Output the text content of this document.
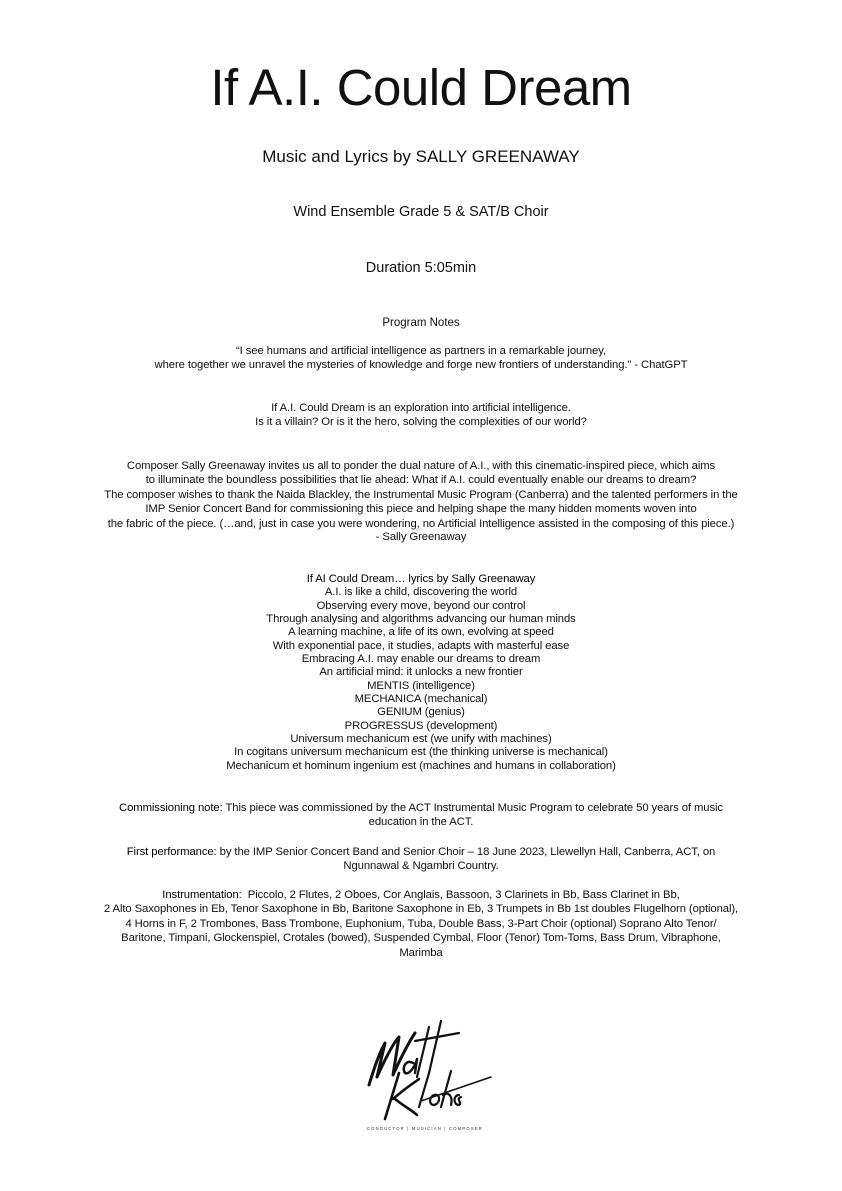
If A.I. Could Dream
Music and Lyrics by SALLY GREENAWAY
Wind Ensemble Grade 5 & SAT/B Choir
Duration 5:05min
Program Notes
“I see humans and artificial intelligence as partners in a remarkable journey,
where together we unravel the mysteries of knowledge and forge new frontiers of understanding." - ChatGPT
If A.I. Could Dream is an exploration into artificial intelligence.
Is it a villain? Or is it the hero, solving the complexities of our world?
Composer Sally Greenaway invites us all to ponder the dual nature of A.I., with this cinematic-inspired piece, which aims
to illuminate the boundless possibilities that lie ahead: What if A.I. could eventually enable our dreams to dream?
The composer wishes to thank the Naida Blackley, the Instrumental Music Program (Canberra) and the talented performers in the
IMP Senior Concert Band for commissioning this piece and helping shape the many hidden moments woven into
the fabric of the piece. (…and, just in case you were wondering, no Artificial Intelligence assisted in the composing of this piece.)
- Sally Greenaway
If AI Could Dream… lyrics by Sally Greenaway
A.I. is like a child, discovering the world
Observing every move, beyond our control
Through analysing and algorithms advancing our human minds
A learning machine, a life of its own, evolving at speed
With exponential pace, it studies, adapts with masterful ease
Embracing A.I. may enable our dreams to dream
An artificial mind: it unlocks a new frontier
MENTIS (intelligence)
MECHANICA (mechanical)
GENIUM (genius)
PROGRESSUS (development)
Universum mechanicum est (we unify with machines)
In cogitans universum mechanicum est (the thinking universe is mechanical)
Mechanicum et hominum ingenium est (machines and humans in collaboration)
Commissioning note: This piece was commissioned by the ACT Instrumental Music Program to celebrate 50 years of music
education in the ACT.
First performance: by the IMP Senior Concert Band and Senior Choir – 18 June 2023, Llewellyn Hall, Canberra, ACT, on
Ngunnawal & Ngambri Country.
Instrumentation:  Piccolo, 2 Flutes, 2 Oboes, Cor Anglais, Bassoon, 3 Clarinets in Bb, Bass Clarinet in Bb,
2 Alto Saxophones in Eb, Tenor Saxophone in Bb, Baritone Saxophone in Eb, 3 Trumpets in Bb 1st doubles Flugelhorn (optional),
4 Horns in F, 2 Trombones, Bass Trombone, Euphonium, Tuba, Double Bass, 3-Part Choir (optional) Soprano Alto Tenor/
Baritone, Timpani, Glockenspiel, Crotales (bowed), Suspended Cymbal, Floor (Tenor) Tom-Toms, Bass Drum, Vibraphone,
Marimba
CONDUCTOR | MUSICIAN | COMPOSER
